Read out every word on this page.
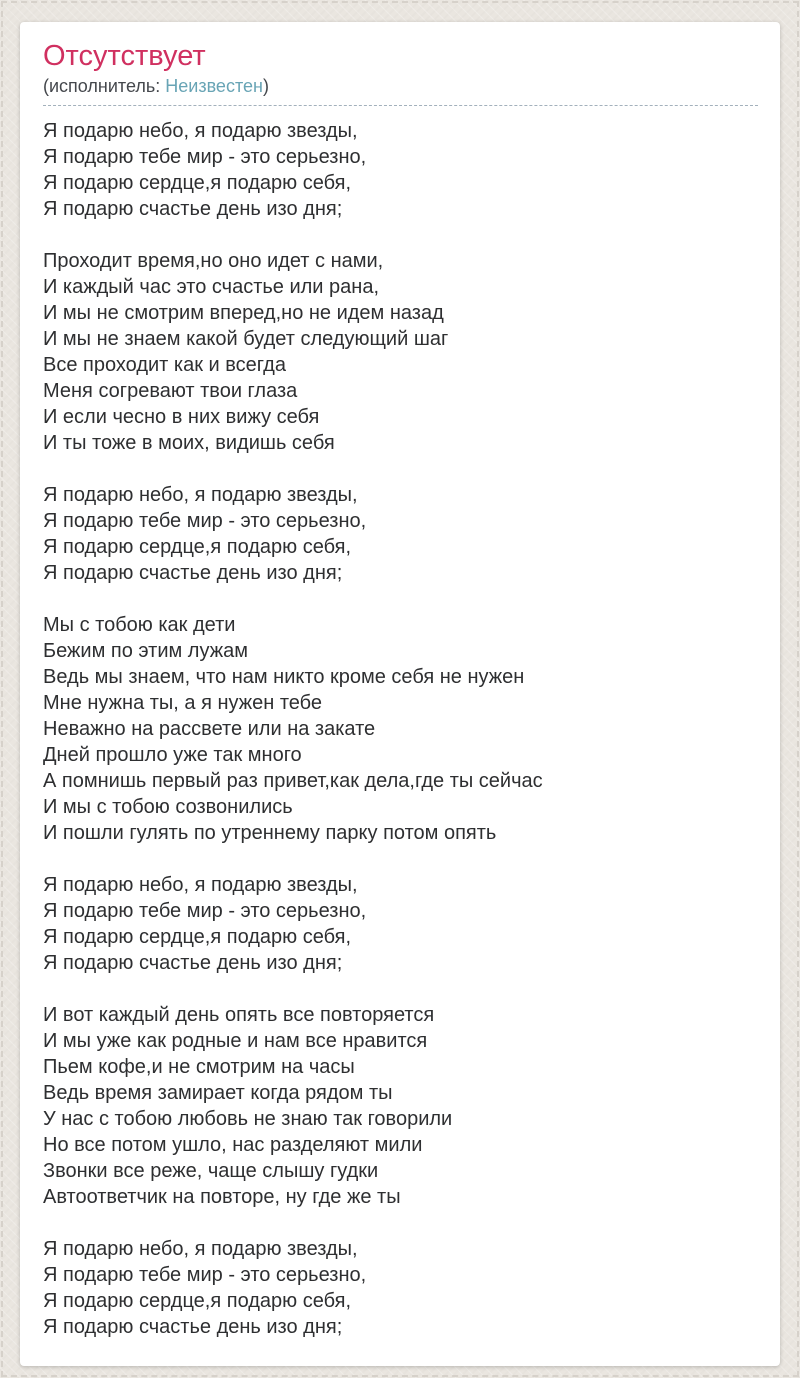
Отсутствует
(исполнитель: Неизвестен)
Я подарю небо, я подарю звезды,
Я подарю тебе мир - это серьезно,
Я подарю сердце,я подарю себя,
Я подарю счастье день изо дня;
Проходит время,но оно идет с нами,
И каждый час это счастье или рана,
И мы не смотрим вперед,но не идем назад
И мы не знаем какой будет следующий шаг
Все проходит как и всегда
Меня согревают твои глаза
И если чесно в них вижу себя
И ты тоже в моих, видишь себя
Я подарю небо, я подарю звезды,
Я подарю тебе мир - это серьезно,
Я подарю сердце,я подарю себя,
Я подарю счастье день изо дня;
Мы с тобою как дети
Бежим по этим лужам
Ведь мы знаем, что нам никто кроме себя не нужен
Мне нужна ты, а я нужен тебе
Неважно на рассвете или на закате
Дней прошло уже так много
А помнишь первый раз привет,как дела,где ты сейчас
И мы с тобою созвонились
И пошли гулять по утреннему парку потом опять
Я подарю небо, я подарю звезды,
Я подарю тебе мир - это серьезно,
Я подарю сердце,я подарю себя,
Я подарю счастье день изо дня;
И вот каждый день опять все повторяется
И мы уже как родные и нам все нравится
Пьем кофе,и не смотрим на часы
Ведь время замирает когда рядом ты
У нас с тобою любовь не знаю так говорили
Но все потом ушло, нас разделяют мили
Звонки все реже, чаще слышу гудки
Автоответчик на повторе, ну где же ты
Я подарю небо, я подарю звезды,
Я подарю тебе мир - это серьезно,
Я подарю сердце,я подарю себя,
Я подарю счастье день изо дня;
